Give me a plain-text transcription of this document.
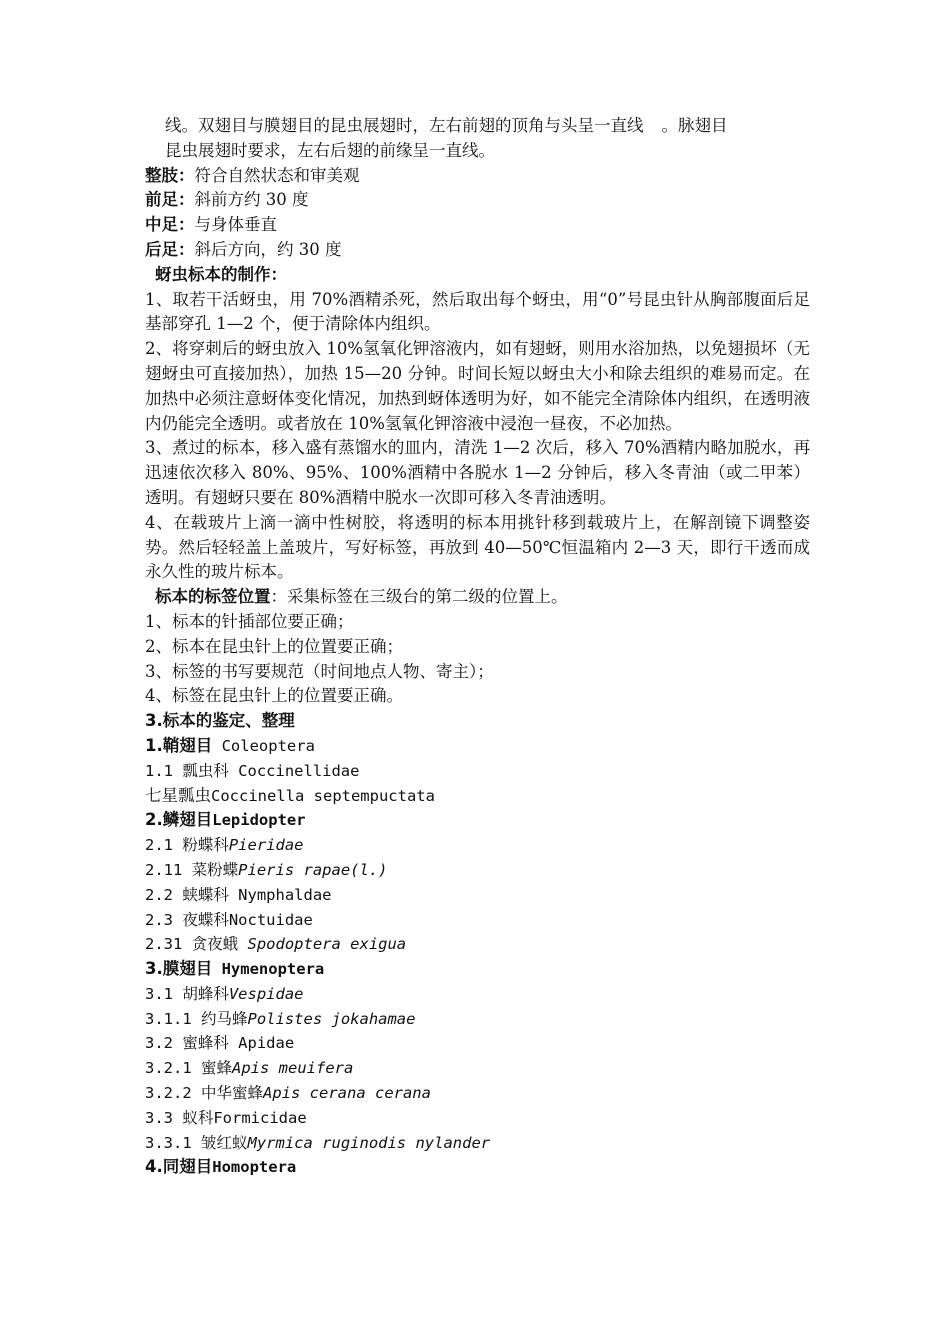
线。双翅目与膜翅目的昆虫展翅时，左右前翅的顶角与头呈一直线 。脉翅目

昆虫展翅时要求，左右后翅的前缘呈一直线。

整肢：符合自然状态和审美观

前足：斜前方约 30 度

中足：与身体垂直

后足：斜后方向，约 30 度

蚜虫标本的制作：

1、取若干活蚜虫，用 70%酒精杀死，然后取出每个蚜虫，用“0”号昆虫针从胸部腹面后足基部穿孔 1—2 个，便于清除体内组织。

2、将穿刺后的蚜虫放入 10%氢氧化钾溶液内，如有翅蚜，则用水浴加热，以免翅损坏（无翅蚜虫可直接加热），加热 15—20 分钟。时间长短以蚜虫大小和除去组织的难易而定。在加热中必须注意蚜体变化情况，加热到蚜体透明为好，如不能完全清除体内组织，在透明液内仍能完全透明。或者放在 10%氢氧化钾溶液中浸泡一昼夜，不必加热。

3、煮过的标本，移入盛有蒸馏水的皿内，清洗 1—2 次后，移入 70%酒精内略加脱水，再迅速依次移入 80%、95%、100%酒精中各脱水 1—2 分钟后，移入冬青油（或二甲苯）透明。有翅蚜只要在 80%酒精中脱水一次即可移入冬青油透明。

4、在载玻片上滴一滴中性树胶，将透明的标本用挑针移到载玻片上，在解剖镜下调整姿势。然后轻轻盖上盖玻片，写好标签，再放到 40—50℃恒温箱内 2—3 天，即行干透而成永久性的玻片标本。

标本的标签位置：采集标签在三级台的第二级的位置上。

1、标本的针插部位要正确；

2、标本在昆虫针上的位置要正确；

3、标签的书写要规范（时间地点人物、寄主）；

4、标签在昆虫针上的位置要正确。

3.标本的鉴定、整理

1.鞘翅目 Coleoptera

1.1 瓢虫科 Coccinellidae

七星瓢虫Coccinella septempuctata

2.鳞翅目Lepidopter

2.1 粉蝶科Pieridae

2.11 菜粉蝶Pieris rapae(l.)

2.2 蛱蝶科 Nymphaldae

2.3 夜蝶科Noctuidae

2.31 贪夜蛾 Spodoptera exigua

3.膜翅目 Hymenoptera

3.1 胡蜂科Vespidae

3.1.1 约马蜂Polistes jokahamae

3.2 蜜蜂科 Apidae

3.2.1 蜜蜂Apis meuifera

3.2.2 中华蜜蜂Apis cerana cerana

3.3 蚁科Formicidae

3.3.1 皱红蚁Myrmica ruginodis nylander

4.同翅目Homoptera
